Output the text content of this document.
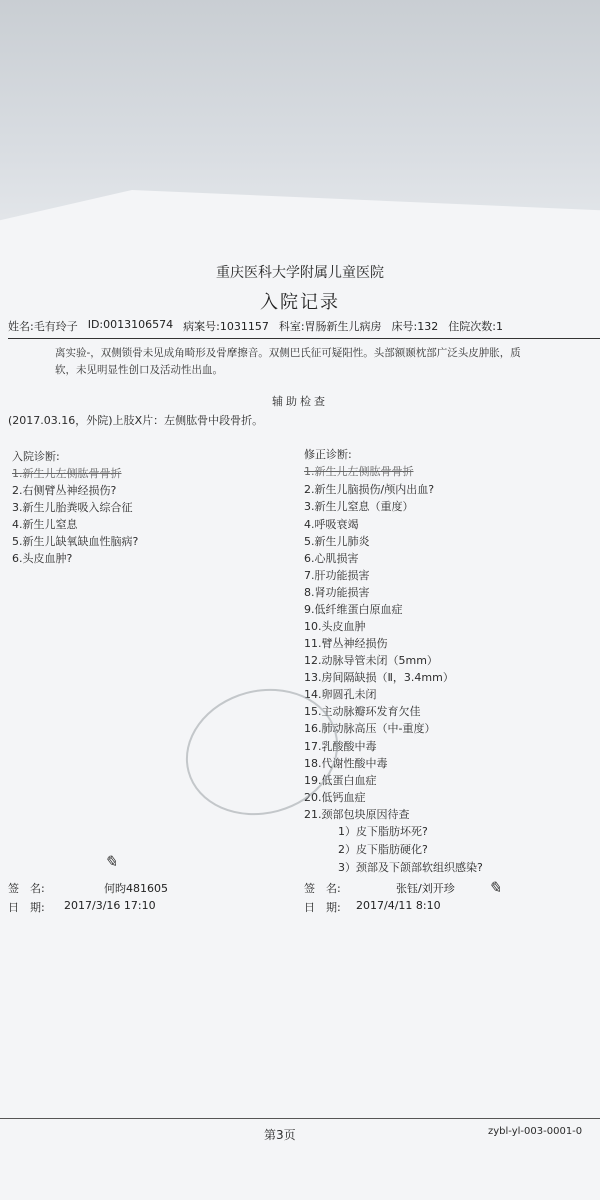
重庆医科大学附属儿童医院
入院记录
姓名:毛有玲子 ID:0013106574 病案号:1031157 科室:胃肠新生儿病房 床号:132 住院次数:1
离实验-，双侧锁骨未见成角畸形及骨摩擦音。双侧巴氏征可疑阳性。头部额颞枕部广泛头皮肿胀，质
软，未见明显性创口及活动性出血。
辅助检查
(2017.03.16，外院)上肢X片：左侧肱骨中段骨折。
入院诊断:
1.新生儿左侧肱骨骨折
2.右侧臂丛神经损伤?
3.新生儿胎粪吸入综合征
4.新生儿窒息
5.新生儿缺氧缺血性脑病?
6.头皮血肿?
修正诊断:
1.新生儿左侧肱骨骨折
2.新生儿脑损伤/颅内出血?
3.新生儿窒息（重度）
4.呼吸衰竭
5.新生儿肺炎
6.心肌损害
7.肝功能损害
8.肾功能损害
9.低纤维蛋白原血症
10.头皮血肿
11.臂丛神经损伤
12.动脉导管未闭（5mm）
13.房间隔缺损（Ⅱ，3.4mm）
14.卵圆孔未闭
15.主动脉瓣环发育欠佳
16.肺动脉高压（中-重度）
17.乳酸酸中毒
18.代谢性酸中毒
19.低蛋白血症
20.低钙血症
21.颈部包块原因待查
1）皮下脂肪坏死?
2）皮下脂肪硬化?
3）颈部及下颌部软组织感染?
✎
✎
签　名:	何昀481605
日　期: 2017/3/16 17:10
签　名:	张钰/刘开珍
日　期: 2017/4/11 8:10
第3页	zybl-yl-003-0001-0
